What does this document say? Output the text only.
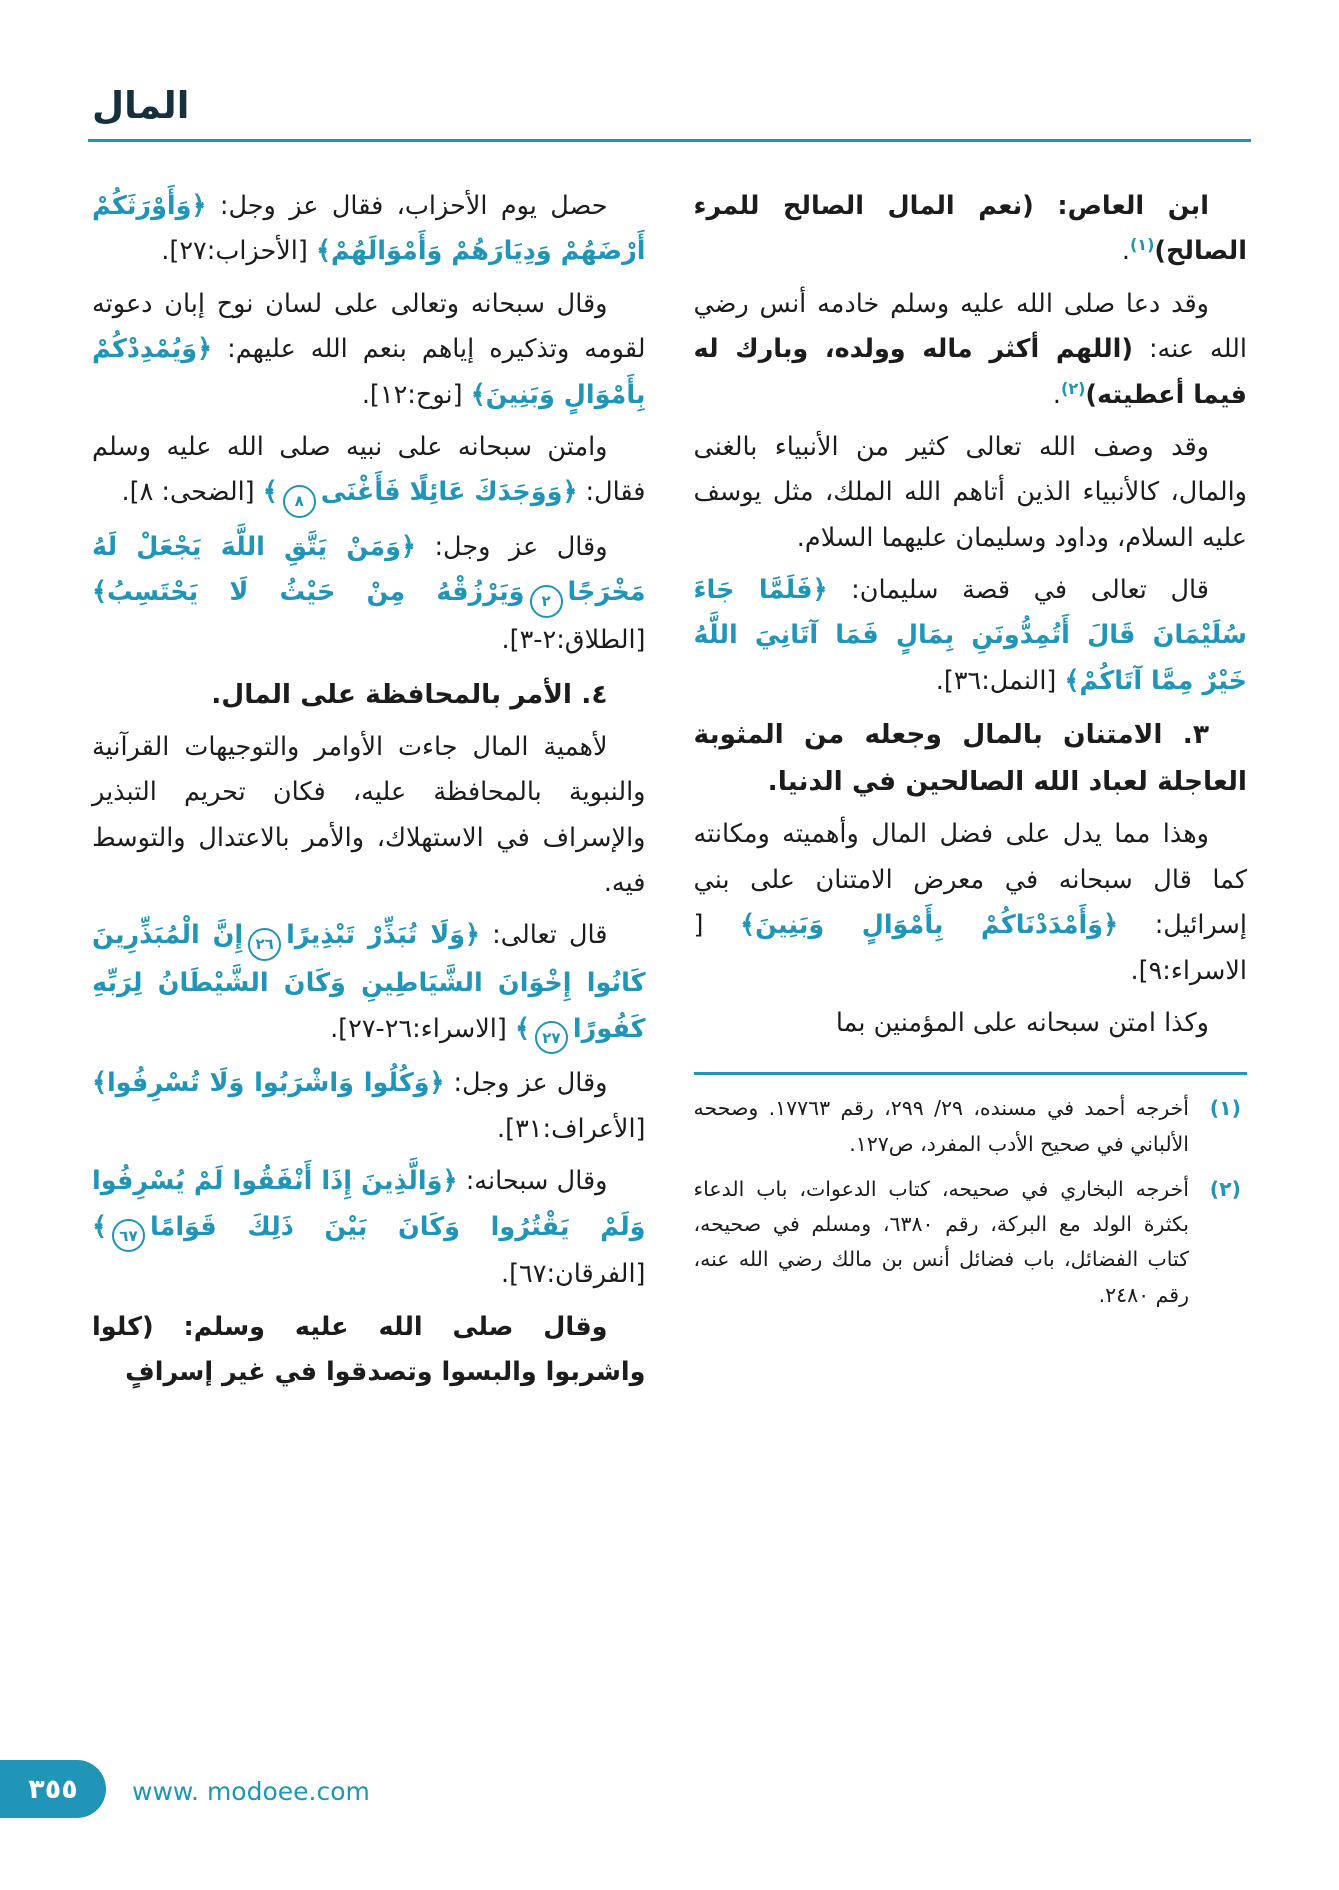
المال

ابن العاص: (نعم المال الصالح للمرء الصالح)$^{(١)}$.

وقد دعا صلى الله عليه وسلم خادمه أنس رضي الله عنه: (اللهم أكثر ماله وولده، وبارك له فيما أعطيته)$^{(٢)}$.

وقد وصف الله تعالى كثير من الأنبياء بالغنى والمال، كالأنبياء الذين أتاهم الله الملك، مثل يوسف عليه السلام، وداود وسليمان عليهما السلام.

قال تعالى في قصة سليمان: ﴿فَلَمَّا جَاءَ سُلَيْمَانَ قَالَ أَتُمِدُّونَنِ بِمَالٍ فَمَا آتَانِيَ اللَّهُ خَيْرٌ مِمَّا آتَاكُمْ﴾ [النمل:٣٦].

٣. الامتنان بالمال وجعله من المثوبة العاجلة لعباد الله الصالحين في الدنيا.

وهذا مما يدل على فضل المال وأهميته ومكانته كما قال سبحانه في معرض الامتنان على بني إسرائيل: ﴿وَأَمْدَدْنَاكُمْ بِأَمْوَالٍ وَبَنِينَ﴾ [ الاسراء:٩].

وكذا امتن سبحانه على المؤمنين بما

(١)
أخرجه أحمد في مسنده، ٢٩/ ٢٩٩، رقم ١٧٧٦٣. وصححه الألباني في صحيح الأدب المفرد، ص١٢٧.
(٢)
أخرجه البخاري في صحيحه، كتاب الدعوات، باب الدعاء بكثرة الولد مع البركة، رقم ٦٣٨٠، ومسلم في صحيحه، كتاب الفضائل، باب فضائل أنس بن مالك رضي الله عنه، رقم ٢٤٨٠.

حصل يوم الأحزاب، فقال عز وجل: ﴿وَأَوْرَثَكُمْ أَرْضَهُمْ وَدِيَارَهُمْ وَأَمْوَالَهُمْ﴾ [الأحزاب:٢٧].

وقال سبحانه وتعالى على لسان نوح إبان دعوته لقومه وتذكيره إياهم بنعم الله عليهم: ﴿وَيُمْدِدْكُمْ بِأَمْوَالٍ وَبَنِينَ﴾ [نوح:١٢].

وامتن سبحانه على نبيه صلى الله عليه وسلم فقال: ﴿وَوَجَدَكَ عَائِلًا فَأَغْنَى٨﴾ [الضحى: ٨].

وقال عز وجل: ﴿وَمَنْ يَتَّقِ اللَّهَ يَجْعَلْ لَهُ مَخْرَجًا٢وَيَرْزُقْهُ مِنْ حَيْثُ لَا يَحْتَسِبُ﴾ [الطلاق:٢-٣].

٤. الأمر بالمحافظة على المال.

لأهمية المال جاءت الأوامر والتوجيهات القرآنية والنبوية بالمحافظة عليه، فكان تحريم التبذير والإسراف في الاستهلاك، والأمر بالاعتدال والتوسط فيه.

قال تعالى: ﴿وَلَا تُبَذِّرْ تَبْذِيرًا٢٦إِنَّ الْمُبَذِّرِينَ كَانُوا إِخْوَانَ الشَّيَاطِينِ وَكَانَ الشَّيْطَانُ لِرَبِّهِ كَفُورًا٢٧﴾ [الاسراء:٢٦-٢٧].

وقال عز وجل: ﴿وَكُلُوا وَاشْرَبُوا وَلَا تُسْرِفُوا﴾ [الأعراف:٣١].

وقال سبحانه: ﴿وَالَّذِينَ إِذَا أَنْفَقُوا لَمْ يُسْرِفُوا وَلَمْ يَقْتُرُوا وَكَانَ بَيْنَ ذَلِكَ قَوَامًا٦٧﴾ [الفرقان:٦٧].

وقال صلى الله عليه وسلم: (كلوا واشربوا والبسوا وتصدقوا في غير إسرافٍ

٣٥٥ www. modoee.com
